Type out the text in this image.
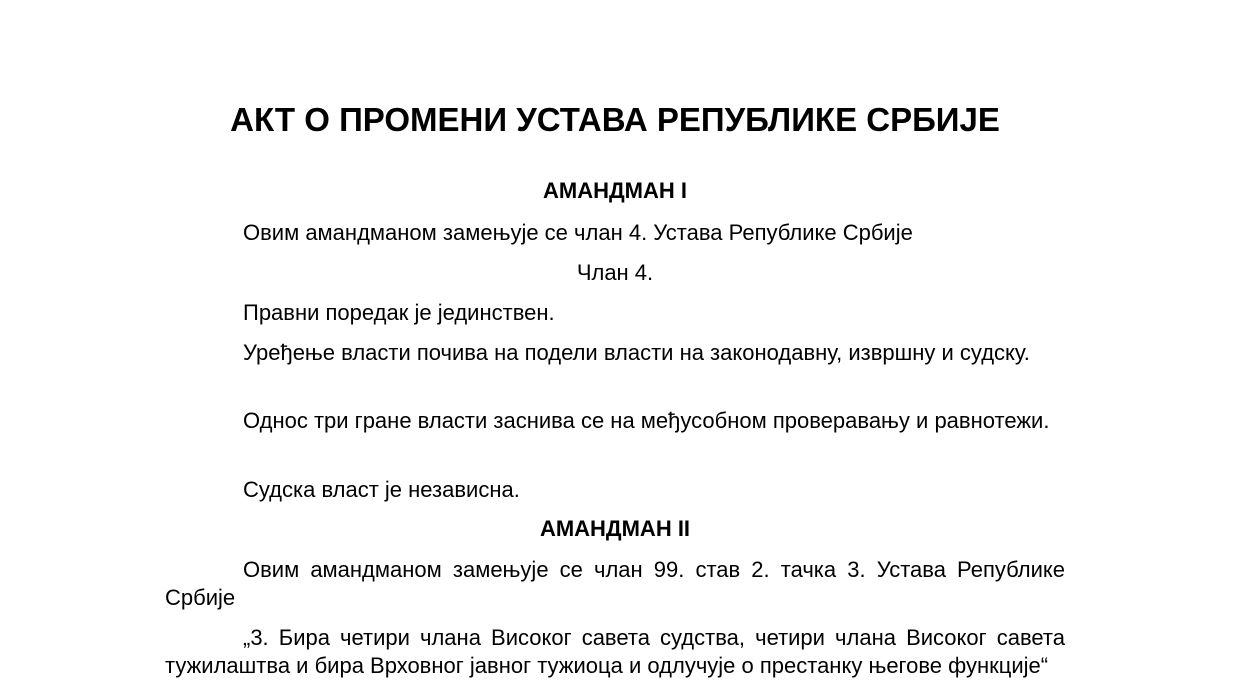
АКТ О ПРОМЕНИ УСТАВА РЕПУБЛИКЕ СРБИЈЕ
АМАНДМАН I

Овим амандманом замењује се члан 4. Устава Републике Србије

Члан 4.

Правни поредак је јединствен.

Уређење власти почива на подели власти на законодавну, извршну и судску.

Однос три гране власти заснива се на међусобном проверавању и равнотежи.

Судска власт је независна.

АМАНДМАН II

Овим амандманом замењује се члан 99. став 2. тачка 3. Устава Републике Србије

„3. Бира четири члана Високог савета судства, четири члана Високог савета тужилаштва и бира Врховног јавног тужиоца и одлучује о престанку његове функције“
